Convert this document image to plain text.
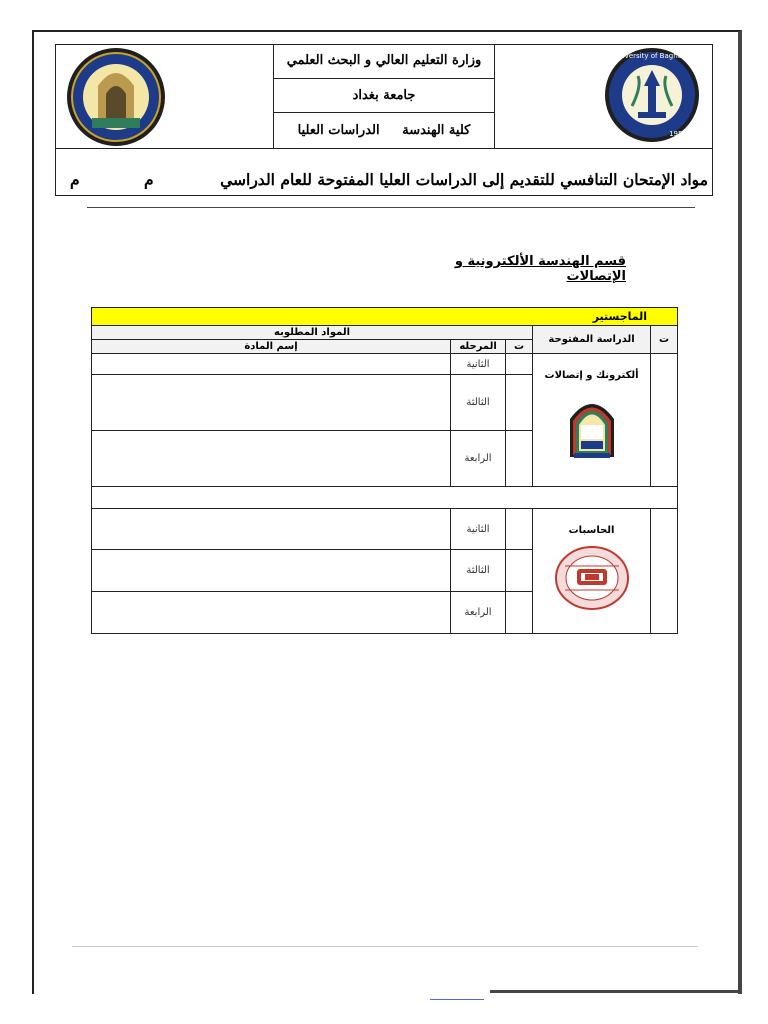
وزارة التعليم العالي و البحث العلمي
جامعة بغداد
كلية الهندسة     الدراسات العليا
University of Baghdad
1957
مواد الإمتحان التنافسي للتقديم إلى الدراسات العليا المفتوحة للعام الدراسي
م
م
قسم الهندسة الألكترونية و الإتصالات
الماجستير				
ت	الدراسة المفتوحة	المواد المطلوبه		
		ت	المرحله	إسم المادة

	ألكترونك و إتصالات		الثانية	
			الثالثة	
			الرابعة	

	الحاسبات		الثانية	
			الثالثة	
			الرابعة	
